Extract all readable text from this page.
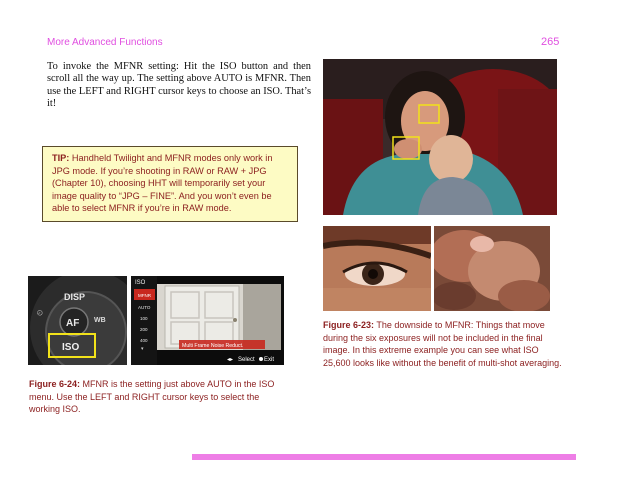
More Advanced Functions	265
To invoke the MFNR setting: Hit the ISO button and then scroll all the way up. The setting above AUTO is MFNR. Then use the LEFT and RIGHT cursor keys to choose an ISO. That’s it!
TIP: Handheld Twilight and MFNR modes only work in JPG mode. If you’re shooting in RAW or RAW + JPG (Chapter 10), choosing HHT will temporarily set your image quality to “JPG – FINE”. And you won’t even be able to select MFNR if you’re in RAW mode.
DISP
AF WB
⏲
ISO
ISO
MFNR
AUTO
100
200
400
▾	Multi Frame Noise Reduct.
◂▸ Select Exit
Figure 6-24: MFNR is the setting just above AUTO in the ISO menu. Use the LEFT and RIGHT cursor keys to select the working ISO.
Figure 6-23: The downside to MFNR: Things that move during the six exposures will not be included in the final image. In this extreme example you can see what ISO 25,600 looks like without the benefit of multi-shot averaging.
